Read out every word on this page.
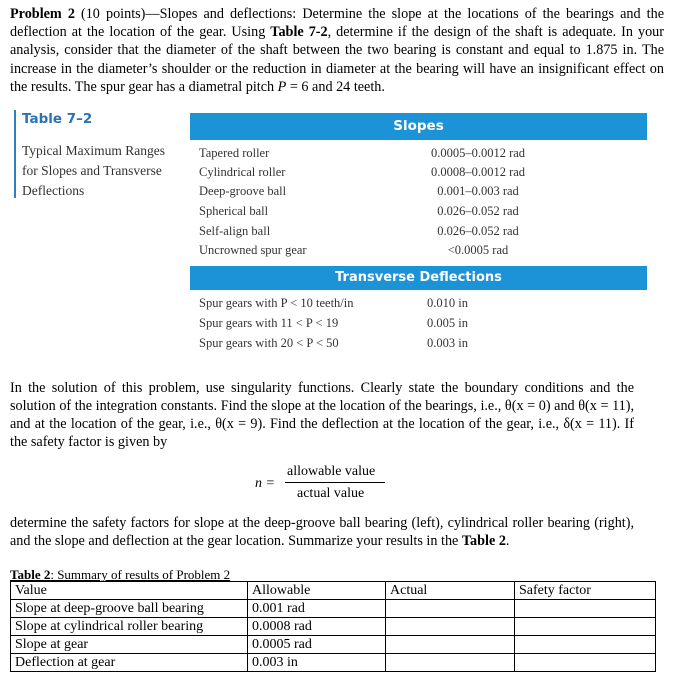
Problem 2 (10 points)—Slopes and deflections: Determine the slope at the locations of the bearings and the deflection at the location of the gear. Using Table 7-2, determine if the design of the shaft is adequate. In your analysis, consider that the diameter of the shaft between the two bearing is constant and equal to 1.875 in. The increase in the diameter’s shoulder or the reduction in diameter at the bearing will have an insignificant effect on the results. The spur gear has a diametral pitch P = 6 and 24 teeth.
Table 7–2
Typical Maximum Ranges for Slopes and Transverse Deflections
Slopes
Tapered roller	0.0005–0.0012 rad
Cylindrical roller	0.0008–0.0012 rad
Deep-groove ball	0.001–0.003 rad
Spherical ball	0.026–0.052 rad
Self-align ball	0.026–0.052 rad
Uncrowned spur gear	<0.0005 rad
Transverse Deflections
Spur gears with P < 10 teeth/in	0.010 in
Spur gears with 11 < P < 19	0.005 in
Spur gears with 20 < P < 50	0.003 in
In the solution of this problem, use singularity functions. Clearly state the boundary conditions and the solution of the integration constants. Find the slope at the location of the bearings, i.e., θ(x = 0) and θ(x = 11), and at the location of the gear, i.e., θ(x = 9). Find the deflection at the location of the gear, i.e., δ(x = 11). If the safety factor is given by
n =
allowable value
actual value
determine the safety factors for slope at the deep-groove ball bearing (left), cylindrical roller bearing (right), and the slope and deflection at the gear location. Summarize your results in the Table 2.
Table 2: Summary of results of Problem 2
Value	Allowable	Actual	Safety factor
Slope at deep-groove ball bearing	0.001 rad		
Slope at cylindrical roller bearing	0.0008 rad		
Slope at gear	0.0005 rad		
Deflection at gear	0.003 in		
